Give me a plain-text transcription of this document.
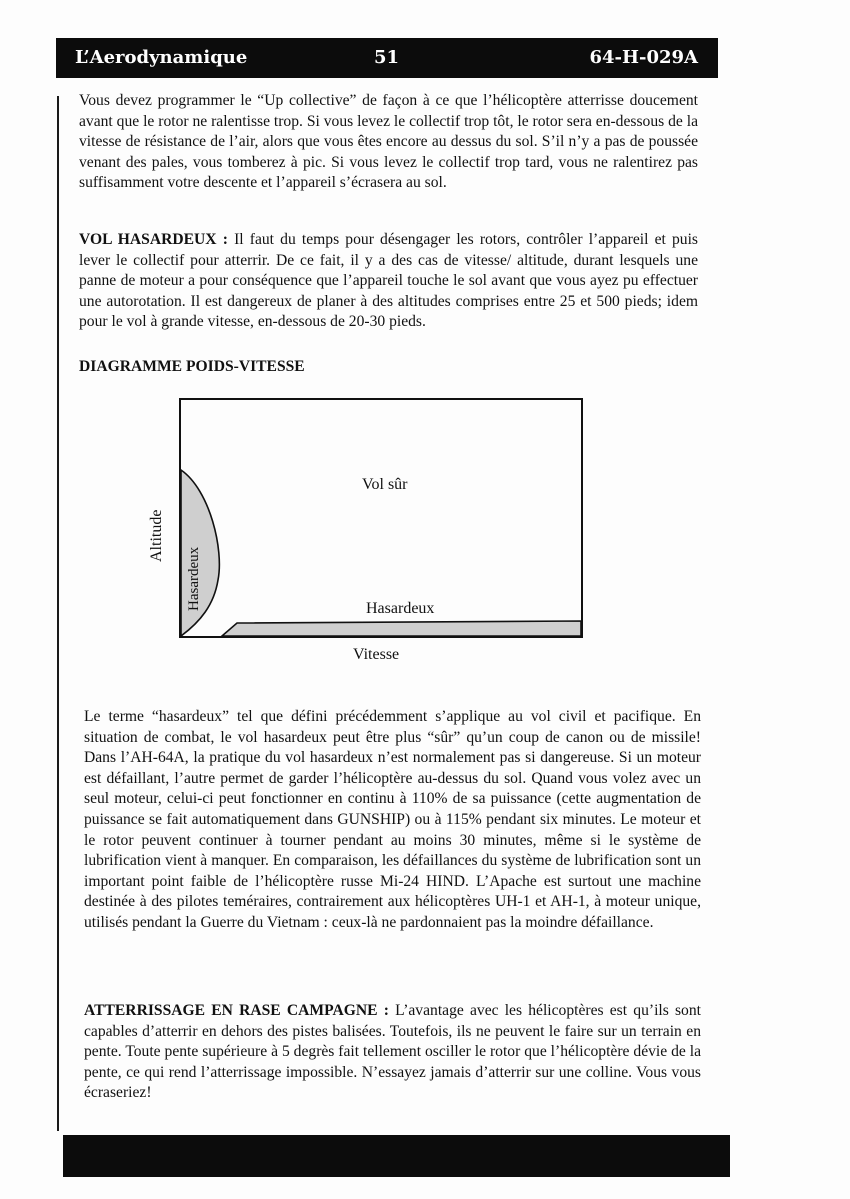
L’Aerodynamique	51	64-H-029A

Vous devez programmer le “Up collective” de façon à ce que l’hélicoptère atterrisse doucement avant que le rotor ne ralentisse trop. Si vous levez le collectif trop tôt, le rotor sera en-dessous de la vitesse de résistance de l’air, alors que vous êtes encore au dessus du sol. S’il n’y a pas de poussée venant des pales, vous tomberez à pic. Si vous levez le collectif trop tard, vous ne ralentirez pas suffisamment votre descente et l’appareil s’écrasera au sol.

VOL HASARDEUX : Il faut du temps pour désengager les rotors, contrôler l’appareil et puis lever le collectif pour atterrir. De ce fait, il y a des cas de vitesse/ altitude, durant lesquels une panne de moteur a pour conséquence que l’appareil touche le sol avant que vous ayez pu effectuer une autorotation. Il est dangereux de planer à des altitudes comprises entre 25 et 500 pieds; idem pour le vol à grande vitesse, en-dessous de 20-30 pieds.

DIAGRAMME POIDS-VITESSE
Vol sûr
Hasardeux
Vitesse
Altitude
Hasardeux

Le terme “hasardeux” tel que défini précédemment s’applique au vol civil et pacifique. En situation de combat, le vol hasardeux peut être plus “sûr” qu’un coup de canon ou de missile! Dans l’AH-64A, la pratique du vol hasardeux n’est normalement pas si dangereuse. Si un moteur est défaillant, l’autre permet de garder l’hélicoptère au-dessus du sol. Quand vous volez avec un seul moteur, celui-ci peut fonctionner en continu à 110% de sa puissance (cette augmentation de puissance se fait automatiquement dans GUNSHIP) ou à 115% pendant six minutes. Le moteur et le rotor peuvent continuer à tourner pendant au moins 30 minutes, même si le système de lubrification vient à manquer. En comparaison, les défaillances du système de lubrification sont un important point faible de l’hélicoptère russe Mi-24 HIND. L’Apache est surtout une machine destinée à des pilotes teméraires, contrairement aux hélicoptères UH-1 et AH-1, à moteur unique, utilisés pendant la Guerre du Vietnam : ceux-là ne pardonnaient pas la moindre défaillance.

ATTERRISSAGE EN RASE CAMPAGNE : L’avantage avec les hélicoptères est qu’ils sont capables d’atterrir en dehors des pistes balisées. Toutefois, ils ne peuvent le faire sur un terrain en pente. Toute pente supérieure à 5 degrès fait tellement osciller le rotor que l’hélicoptère dévie de la pente, ce qui rend l’atterrissage impossible. N’essayez jamais d’atterrir sur une colline. Vous vous écraseriez!
